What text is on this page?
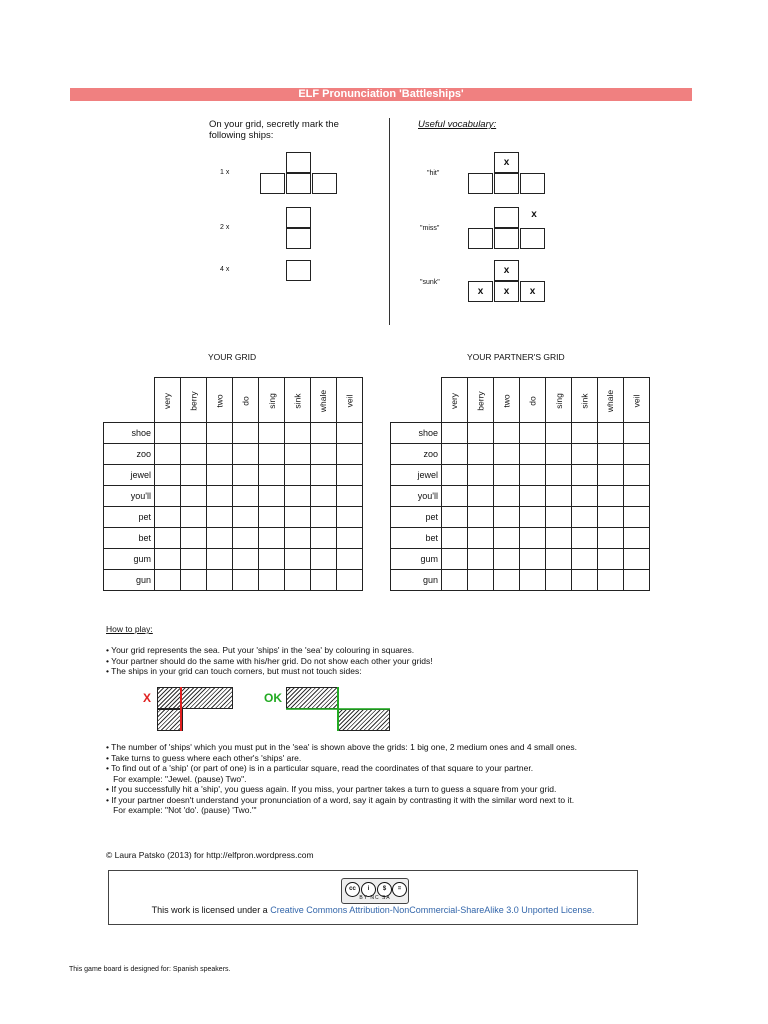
ELF Pronunciation 'Battleships'
On your grid, secretly mark the
following ships:
1 x
2 x
4 x
Useful vocabulary:
"hit"
x
"miss"
x
"sunk"
x
x	x	x
YOUR GRID	YOUR PARTNER'S GRID
	very	berry	two	do	sing	sink	whale	veil
shoe								
zoo								
jewel								
you'll								
pet								
bet								
gum								
gun								
	very	berry	two	do	sing	sink	whale	veil
shoe								
zoo								
jewel								
you'll								
pet								
bet								
gum								
gun								
How to play:
• Your grid represents the sea. Put your 'ships' in the 'sea' by colouring in squares.
• Your partner should do the same with his/her grid. Do not show each other your grids!
• The ships in your grid can touch corners, but must not touch sides:
X	OK
• The number of 'ships' which you must put in the 'sea' is shown above the grids: 1 big one, 2 medium ones and 4 small ones.
• Take turns to guess where each other's 'ships' are.
• To find out of a 'ship' (or part of one) is in a particular square, read the coordinates of that square to your partner.
For example: "Jewel. (pause) Two".
• If you successfully hit a 'ship', you guess again. If you miss, your partner takes a turn to guess a square from your grid.
• If your partner doesn't understand your pronunciation of a word, say it again by contrasting it with the similar word next to it.
For example: "Not 'do'. (pause) 'Two.'"
© Laura Patsko (2013) for http://elfpron.wordpress.com
cc	i	$	=
BY NC SA
This work is licensed under a Creative Commons Attribution-NonCommercial-ShareAlike 3.0 Unported License.
This game board is designed for: Spanish speakers.
